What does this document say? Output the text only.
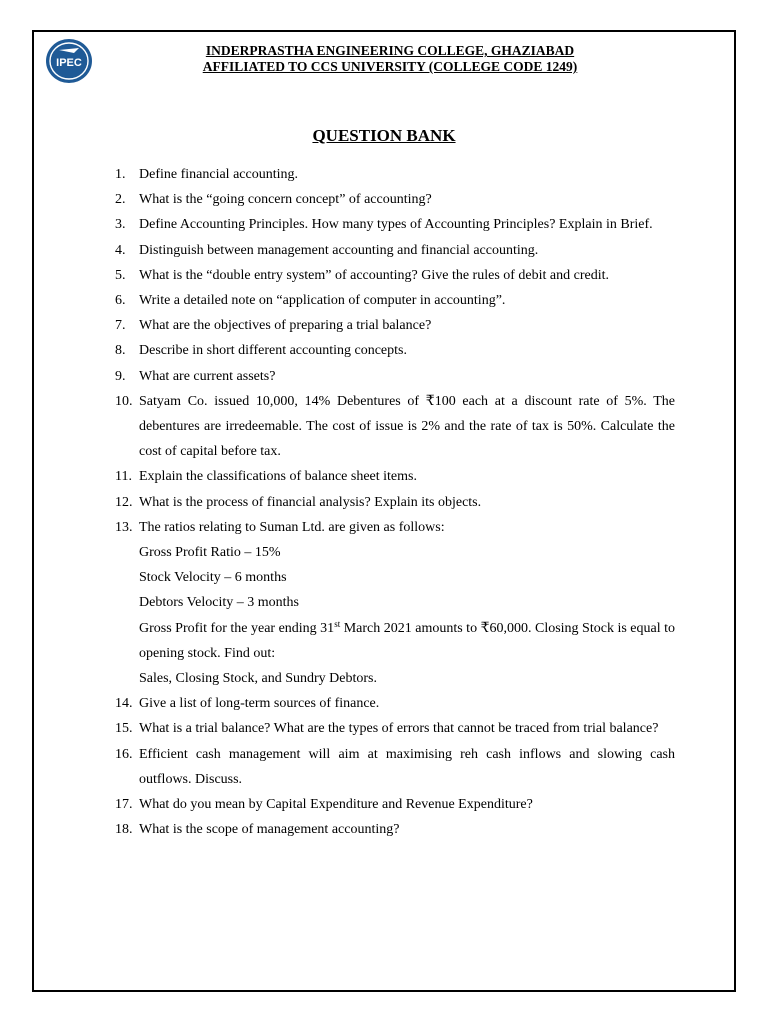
IPEC
INDERPRASTHA ENGINEERING COLLEGE, GHAZIABAD
AFFILIATED TO CCS UNIVERSITY (COLLEGE CODE 1249)
QUESTION BANK
1. Define financial accounting.
2. What is the “going concern concept” of accounting?
3. Define Accounting Principles. How many types of Accounting Principles? Explain in Brief.
4. Distinguish between management accounting and financial accounting.
5. What is the “double entry system” of accounting? Give the rules of debit and credit.
6. Write a detailed note on “application of computer in accounting”.
7. What are the objectives of preparing a trial balance?
8. Describe in short different accounting concepts.
9. What are current assets?
10. Satyam Co. issued 10,000, 14% Debentures of ₹100 each at a discount rate of 5%. The debentures are irredeemable. The cost of issue is 2% and the rate of tax is 50%. Calculate the cost of capital before tax.
11. Explain the classifications of balance sheet items.
12. What is the process of financial analysis? Explain its objects.
13. The ratios relating to Suman Ltd. are given as follows:
Gross Profit Ratio – 15%
Stock Velocity – 6 months
Debtors Velocity – 3 months
Gross Profit for the year ending 31st March 2021 amounts to ₹60,000. Closing Stock is equal to opening stock. Find out:
Sales, Closing Stock, and Sundry Debtors.
14. Give a list of long-term sources of finance.
15. What is a trial balance? What are the types of errors that cannot be traced from trial balance?
16. Efficient cash management will aim at maximising reh cash inflows and slowing cash outflows. Discuss.
17. What do you mean by Capital Expenditure and Revenue Expenditure?
18. What is the scope of management accounting?
